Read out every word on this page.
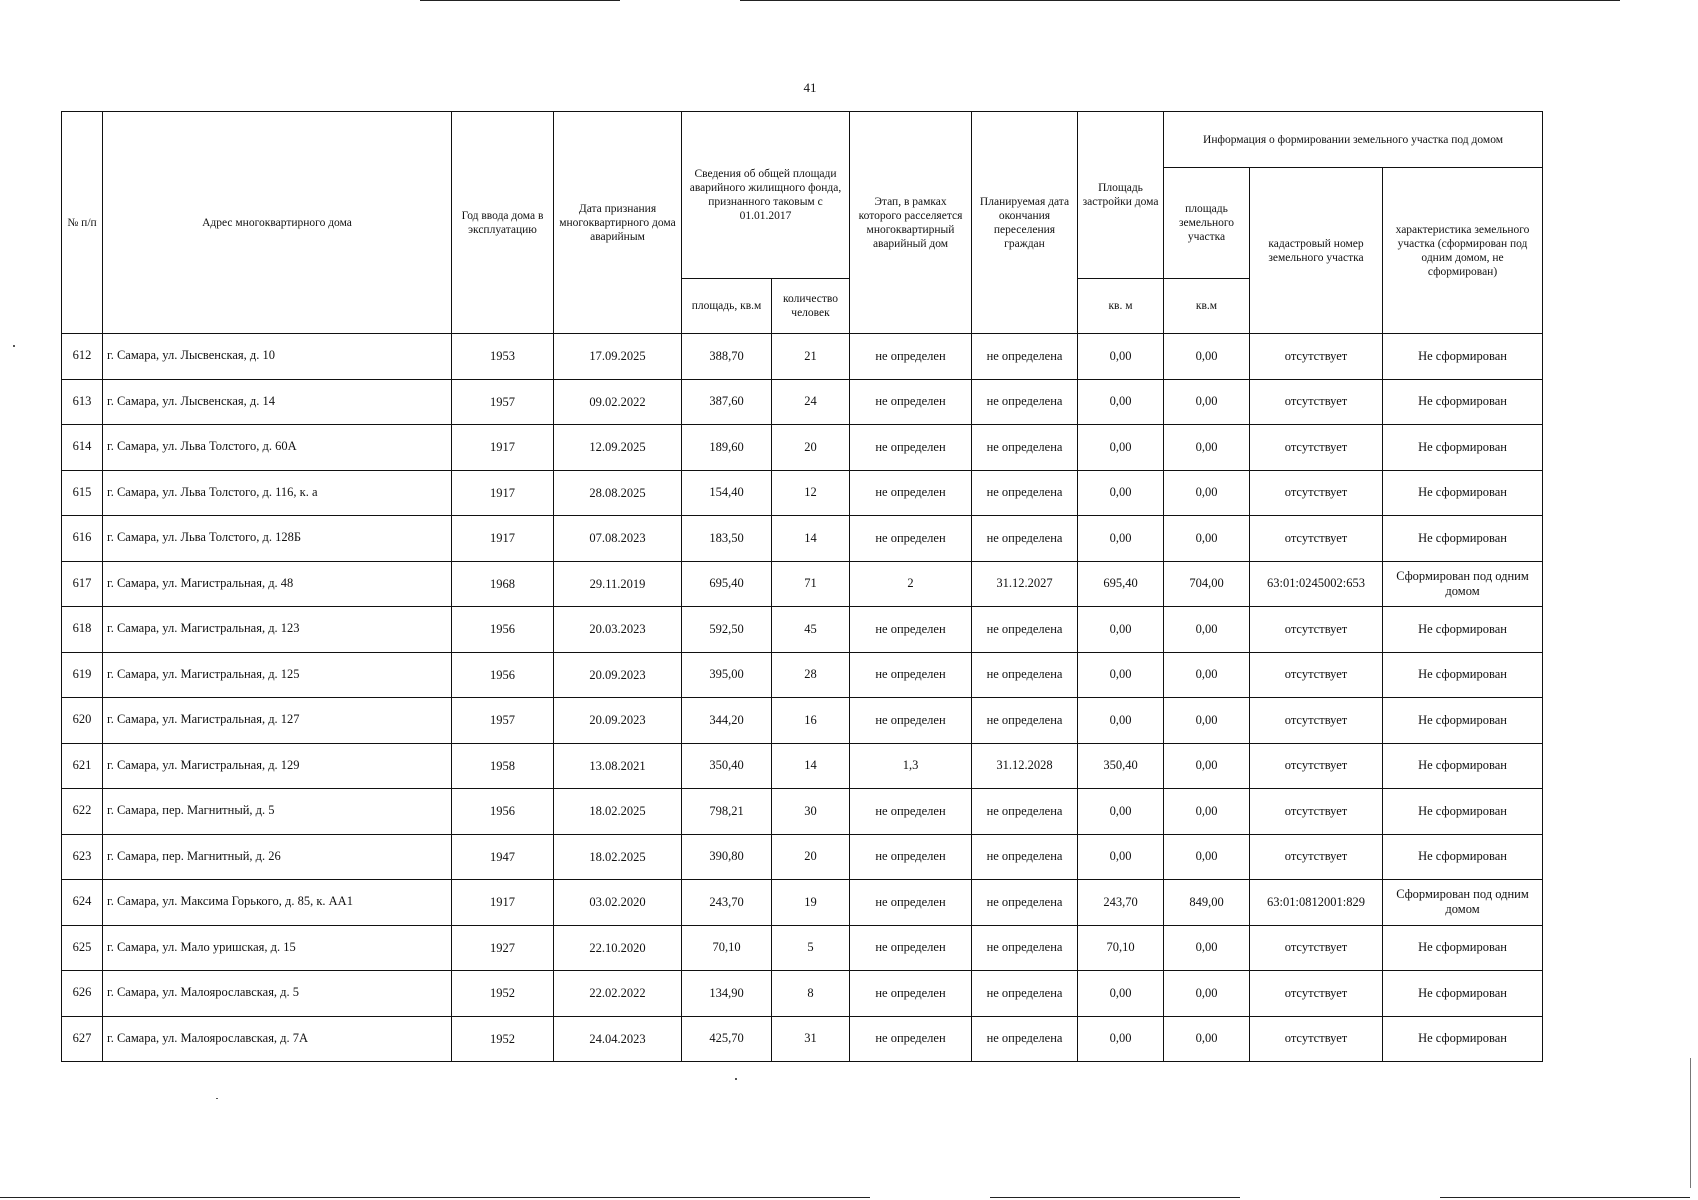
41
№ п/п	Адрес многоквартирного дома	Год ввода дома в эксплуатацию	Дата признания многоквартирного дома аварийным	Сведения об общей площади аварийного жилищного фонда, признанного таковым с 01.01.2017		Этап, в рамках которого расселяется многоквартирный аварийный дом	Планируемая дата окончания переселения граждан	Площадь застройки дома	Информация о формировании земельного участка под домом		
									площадь земельного участка	кадастровый номер земельного участка	характеристика земельного участка (сформирован под одним домом, не сформирован)
				площадь, кв.м	количество человек			кв. м	кв.м		
612	г. Самара, ул. Лысвенская, д. 10	1953	17.09.2025	388,70	21	не определен	не определена	0,00	0,00	отсутствует	Не сформирован
613	г. Самара, ул. Лысвенская, д. 14	1957	09.02.2022	387,60	24	не определен	не определена	0,00	0,00	отсутствует	Не сформирован
614	г. Самара, ул. Льва Толстого, д. 60А	1917	12.09.2025	189,60	20	не определен	не определена	0,00	0,00	отсутствует	Не сформирован
615	г. Самара, ул. Льва Толстого, д. 116, к. а	1917	28.08.2025	154,40	12	не определен	не определена	0,00	0,00	отсутствует	Не сформирован
616	г. Самара, ул. Льва Толстого, д. 128Б	1917	07.08.2023	183,50	14	не определен	не определена	0,00	0,00	отсутствует	Не сформирован
617	г. Самара, ул. Магистральная, д. 48	1968	29.11.2019	695,40	71	2	31.12.2027	695,40	704,00	63:01:0245002:653	Сформирован под одним домом
618	г. Самара, ул. Магистральная, д. 123	1956	20.03.2023	592,50	45	не определен	не определена	0,00	0,00	отсутствует	Не сформирован
619	г. Самара, ул. Магистральная, д. 125	1956	20.09.2023	395,00	28	не определен	не определена	0,00	0,00	отсутствует	Не сформирован
620	г. Самара, ул. Магистральная, д. 127	1957	20.09.2023	344,20	16	не определен	не определена	0,00	0,00	отсутствует	Не сформирован
621	г. Самара, ул. Магистральная, д. 129	1958	13.08.2021	350,40	14	1,3	31.12.2028	350,40	0,00	отсутствует	Не сформирован
622	г. Самара, пер. Магнитный, д. 5	1956	18.02.2025	798,21	30	не определен	не определена	0,00	0,00	отсутствует	Не сформирован
623	г. Самара, пер. Магнитный, д. 26	1947	18.02.2025	390,80	20	не определен	не определена	0,00	0,00	отсутствует	Не сформирован
624	г. Самара, ул. Максима Горького, д. 85, к. АА1	1917	03.02.2020	243,70	19	не определен	не определена	243,70	849,00	63:01:0812001:829	Сформирован под одним домом
625	г. Самара, ул. Мало уришская, д. 15	1927	22.10.2020	70,10	5	не определен	не определена	70,10	0,00	отсутствует	Не сформирован
626	г. Самара, ул. Малоярославская, д. 5	1952	22.02.2022	134,90	8	не определен	не определена	0,00	0,00	отсутствует	Не сформирован
627	г. Самара, ул. Малоярославская, д. 7А	1952	24.04.2023	425,70	31	не определен	не определена	0,00	0,00	отсутствует	Не сформирован
